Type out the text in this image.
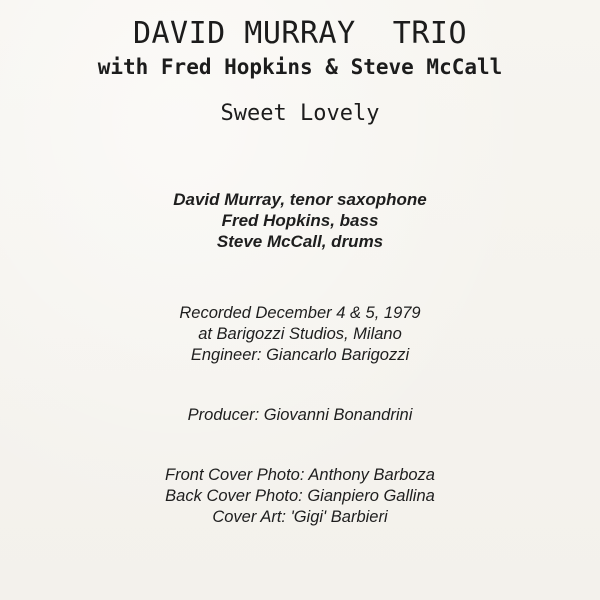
DAVID MURRAY  TRIO
with Fred Hopkins & Steve McCall
Sweet Lovely
David Murray, tenor saxophone
Fred Hopkins, bass
Steve McCall, drums
Recorded December 4 & 5, 1979
at Barigozzi Studios, Milano
Engineer: Giancarlo Barigozzi
Producer: Giovanni Bonandrini
Front Cover Photo: Anthony Barboza
Back Cover Photo: Gianpiero Gallina
Cover Art: 'Gigi' Barbieri
